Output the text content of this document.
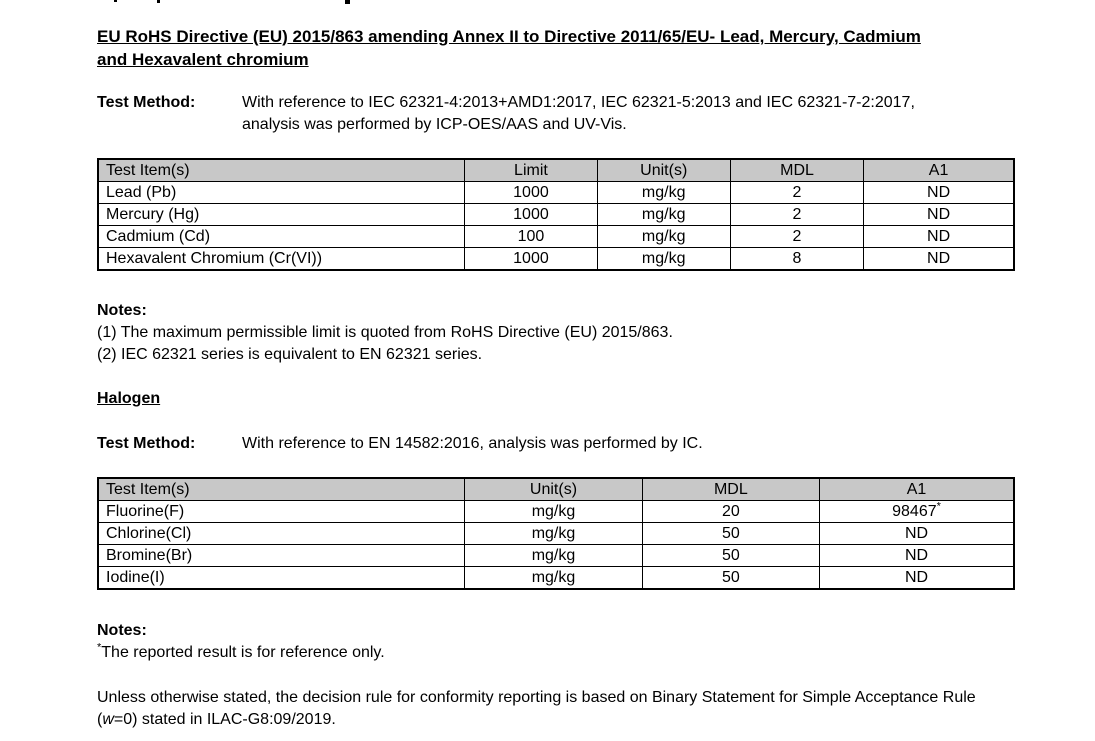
EU RoHS Directive (EU) 2015/863 amending Annex II to Directive 2011/65/EU- Lead, Mercury, Cadmium and Hexavalent chromium
Test Method:	With reference to IEC 62321-4:2013+AMD1:2017, IEC 62321-5:2013 and IEC 62321-7-2:2017, analysis was performed by ICP-OES/AAS and UV-Vis.
Test Item(s)	Limit	Unit(s)	MDL	A1
Lead (Pb)	1000	mg/kg	2	ND
Mercury (Hg)	1000	mg/kg	2	ND
Cadmium (Cd)	100	mg/kg	2	ND
Hexavalent Chromium (Cr(VI))	1000	mg/kg	8	ND
Notes:
(1) The maximum permissible limit is quoted from RoHS Directive (EU) 2015/863.
(2) IEC 62321 series is equivalent to EN 62321 series.
Halogen
Test Method:	With reference to EN 14582:2016, analysis was performed by IC.
Test Item(s)	Unit(s)	MDL	A1
Fluorine(F)	mg/kg	20	98467*
Chlorine(Cl)	mg/kg	50	ND
Bromine(Br)	mg/kg	50	ND
Iodine(I)	mg/kg	50	ND
Notes:
*The reported result is for reference only.
Unless otherwise stated, the decision rule for conformity reporting is based on Binary Statement for Simple Acceptance Rule (w=0) stated in ILAC-G8:09/2019.
